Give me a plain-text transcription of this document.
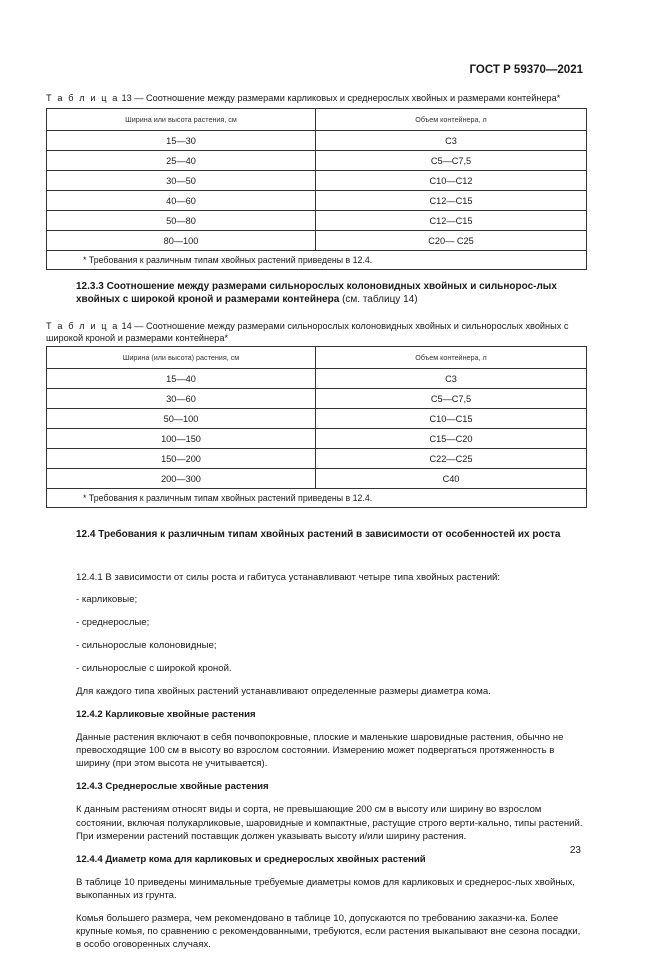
ГОСТ Р 59370—2021
Т а б л и ц а 13 — Соотношение между размерами карликовых и среднерослых хвойных и размерами контейнера*
Ширина или высота растения, см	Объем контейнера, л
15—30	С3
25—40	С5—С7,5
30—50	С10—С12
40—60	С12—С15
50—80	С12—С15
80—100	С20— С25
* Требования к различным типам хвойных растений приведены в 12.4.	
12.3.3 Соотношение между размерами сильнорослых колоновидных хвойных и сильнорос-лых хвойных с широкой кроной и размерами контейнера (см. таблицу 14)
Т а б л и ц а 14 — Соотношение между размерами сильнорослых колоновидных хвойных и сильнорослых хвойных с широкой кроной и размерами контейнера*
Ширина (или высота) растения, см	Объем контейнера, л
15—40	С3
30—60	С5—С7,5
50—100	С10—С15
100—150	С15—С20
150—200	С22—С25
200—300	С40
* Требования к различным типам хвойных растений приведены в 12.4.	
12.4 Требования к различным типам хвойных растений в зависимости от особенностей их роста

12.4.1 В зависимости от силы роста и габитуса устанавливают четыре типа хвойных растений:

- карликовые;

- среднерослые;

- сильнорослые колоновидные;

- сильнорослые с широкой кроной.

Для каждого типа хвойных растений устанавливают определенные размеры диаметра кома.

12.4.2 Карликовые хвойные растения

Данные растения включают в себя почвопокровные, плоские и маленькие шаровидные растения, обычно не превосходящие 100 см в высоту во взрослом состоянии. Измерению может подвергаться протяженность в ширину (при этом высота не учитывается).

12.4.3 Среднерослые хвойные растения

К данным растениям относят виды и сорта, не превышающие 200 см в высоту или ширину во взрослом состоянии, включая полукарликовые, шаровидные и компактные, растущие строго верти-кально, типы растений. При измерении растений поставщик должен указывать высоту и/или ширину растения.

12.4.4 Диаметр кома для карликовых и среднерослых хвойных растений

В таблице 10 приведены минимальные требуемые диаметры комов для карликовых и среднерос-лых хвойных, выкопанных из грунта.

Комья большего размера, чем рекомендовано в таблице 10, допускаются по требованию заказчи-ка. Более крупные комья, по сравнению с рекомендованными, требуются, если растения выкапывают вне сезона посадки, в особо оговоренных случаях.

23
